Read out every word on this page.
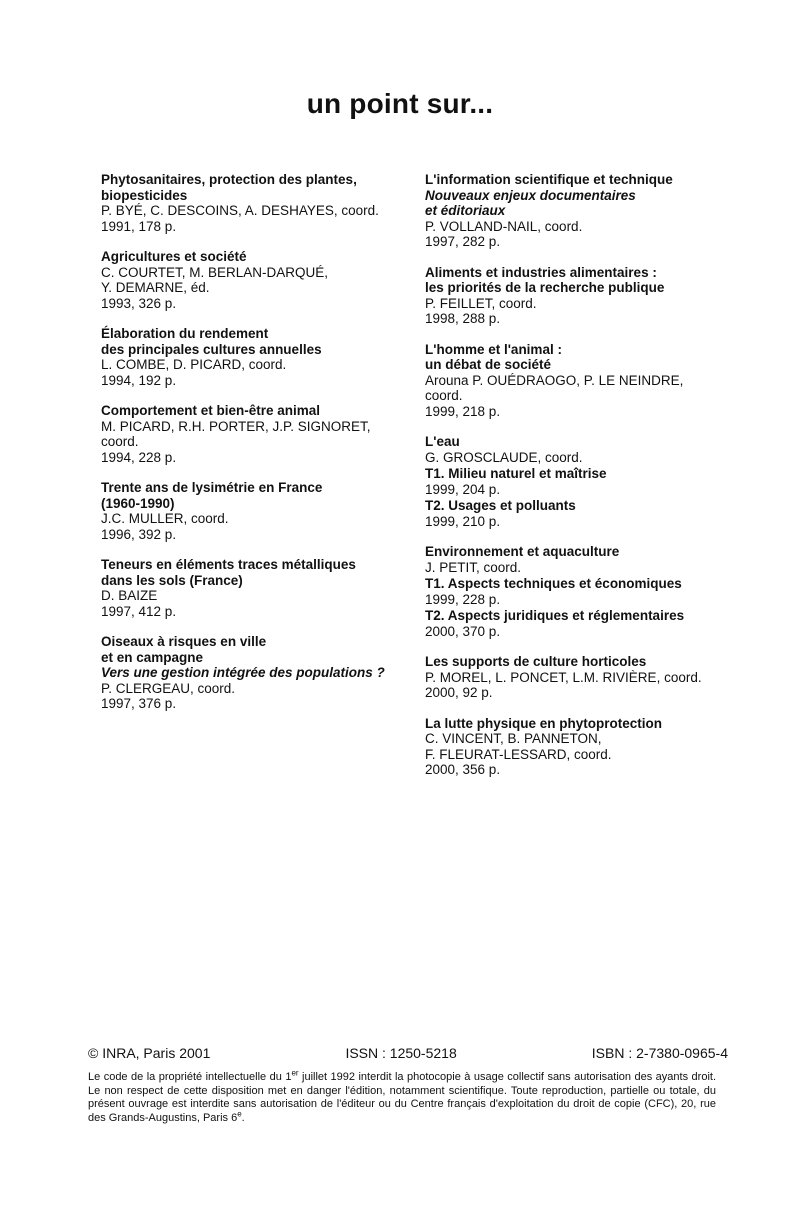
un point sur...
Phytosanitaires, protection des plantes,
biopesticides
P. BYÉ, C. DESCOINS, A. DESHAYES, coord.
1991, 178 p.
Agricultures et société
C. COURTET, M. BERLAN-DARQUÉ,
Y. DEMARNE, éd.
1993, 326 p.
Élaboration du rendement
des principales cultures annuelles
L. COMBE, D. PICARD, coord.
1994, 192 p.
Comportement et bien-être animal
M. PICARD, R.H. PORTER, J.P. SIGNORET,
coord.
1994, 228 p.
Trente ans de lysimétrie en France
(1960-1990)
J.C. MULLER, coord.
1996, 392 p.
Teneurs en éléments traces métalliques
dans les sols (France)
D. BAIZE
1997, 412 p.
Oiseaux à risques en ville
et en campagne
Vers une gestion intégrée des populations ?
P. CLERGEAU, coord.
1997, 376 p.
L'information scientifique et technique
Nouveaux enjeux documentaires
et éditoriaux
P. VOLLAND-NAIL, coord.
1997, 282 p.
Aliments et industries alimentaires :
les priorités de la recherche publique
P. FEILLET, coord.
1998, 288 p.
L'homme et l'animal :
un débat de société
Arouna P. OUÉDRAOGO, P. LE NEINDRE,
coord.
1999, 218 p.
L'eau
G. GROSCLAUDE, coord.
T1. Milieu naturel et maîtrise
1999, 204 p.
T2. Usages et polluants
1999, 210 p.
Environnement et aquaculture
J. PETIT, coord.
T1. Aspects techniques et économiques
1999, 228 p.
T2. Aspects juridiques et réglementaires
2000, 370 p.
Les supports de culture horticoles
P. MOREL, L. PONCET, L.M. RIVIÈRE, coord.
2000, 92 p.
La lutte physique en phytoprotection
C. VINCENT, B. PANNETON,
F. FLEURAT-LESSARD, coord.
2000, 356 p.
© INRA, Paris 2001	ISSN : 1250-5218	ISBN : 2-7380-0965-4
Le code de la propriété intellectuelle du 1er juillet 1992 interdit la photocopie à usage collectif sans autorisation des ayants droit. Le non respect de cette disposition met en danger l'édition, notamment scientifique. Toute reproduction, partielle ou totale, du présent ouvrage est interdite sans autorisation de l'éditeur ou du Centre français d'exploitation du droit de copie (CFC), 20, rue des Grands-Augustins, Paris 6e.
